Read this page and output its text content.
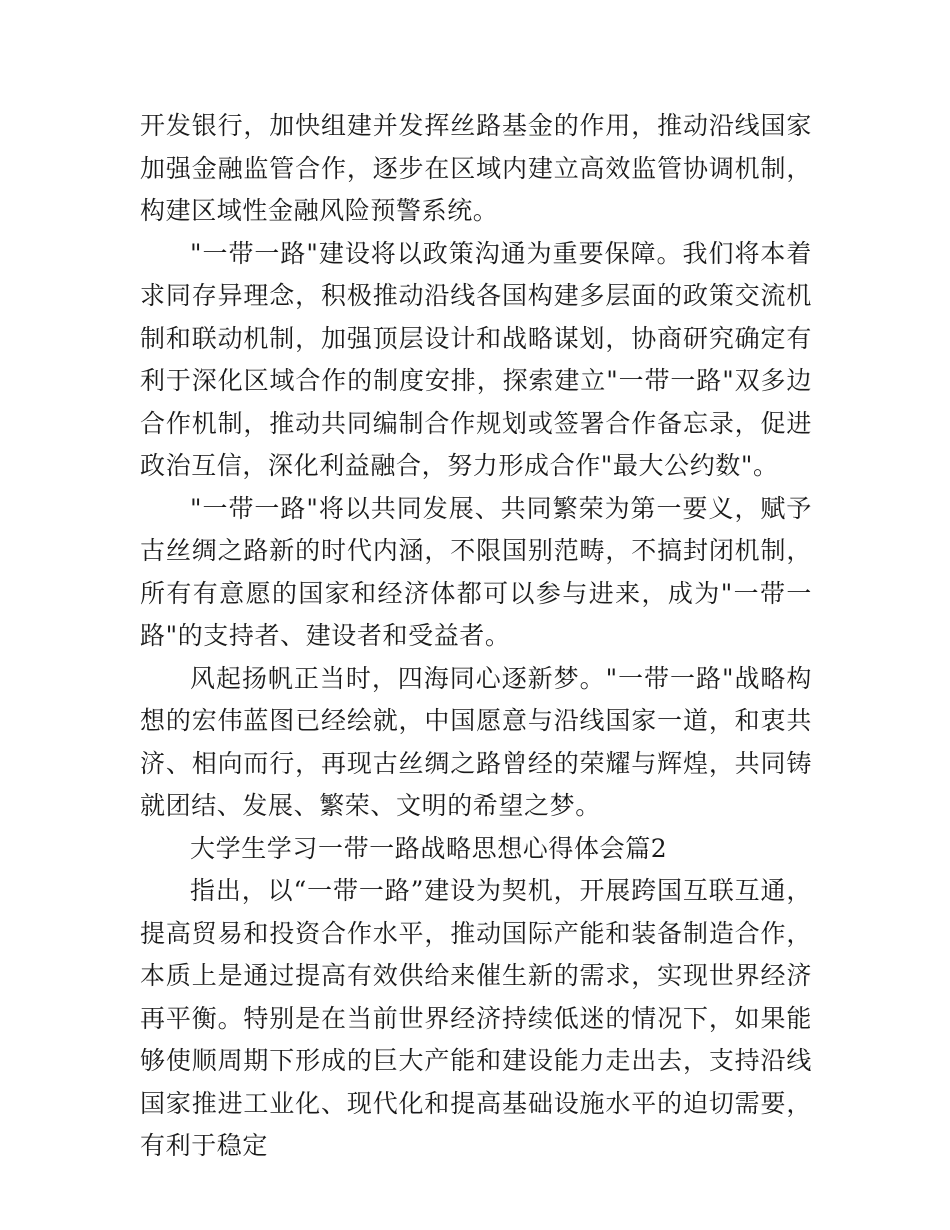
开发银行，加快组建并发挥丝路基金的作用，推动沿线国家加强金融监管合作，逐步在区域内建立高效监管协调机制，构建区域性金融风险预警系统。

"一带一路"建设将以政策沟通为重要保障。我们将本着求同存异理念，积极推动沿线各国构建多层面的政策交流机制和联动机制，加强顶层设计和战略谋划，协商研究确定有利于深化区域合作的制度安排，探索建立"一带一路"双多边合作机制，推动共同编制合作规划或签署合作备忘录，促进政治互信，深化利益融合，努力形成合作"最大公约数"。

"一带一路"将以共同发展、共同繁荣为第一要义，赋予古丝绸之路新的时代内涵，不限国别范畴，不搞封闭机制，所有有意愿的国家和经济体都可以参与进来，成为"一带一路"的支持者、建设者和受益者。

风起扬帆正当时，四海同心逐新梦。"一带一路"战略构想的宏伟蓝图已经绘就，中国愿意与沿线国家一道，和衷共济、相向而行，再现古丝绸之路曾经的荣耀与辉煌，共同铸就团结、发展、繁荣、文明的希望之梦。

大学生学习一带一路战略思想心得体会篇2

指出，以“一带一路”建设为契机，开展跨国互联互通，提高贸易和投资合作水平，推动国际产能和装备制造合作，本质上是通过提高有效供给来催生新的需求，实现世界经济再平衡。特别是在当前世界经济持续低迷的情况下，如果能够使顺周期下形成的巨大产能和建设能力走出去，支持沿线国家推进工业化、现代化和提高基础设施水平的迫切需要，有利于稳定
